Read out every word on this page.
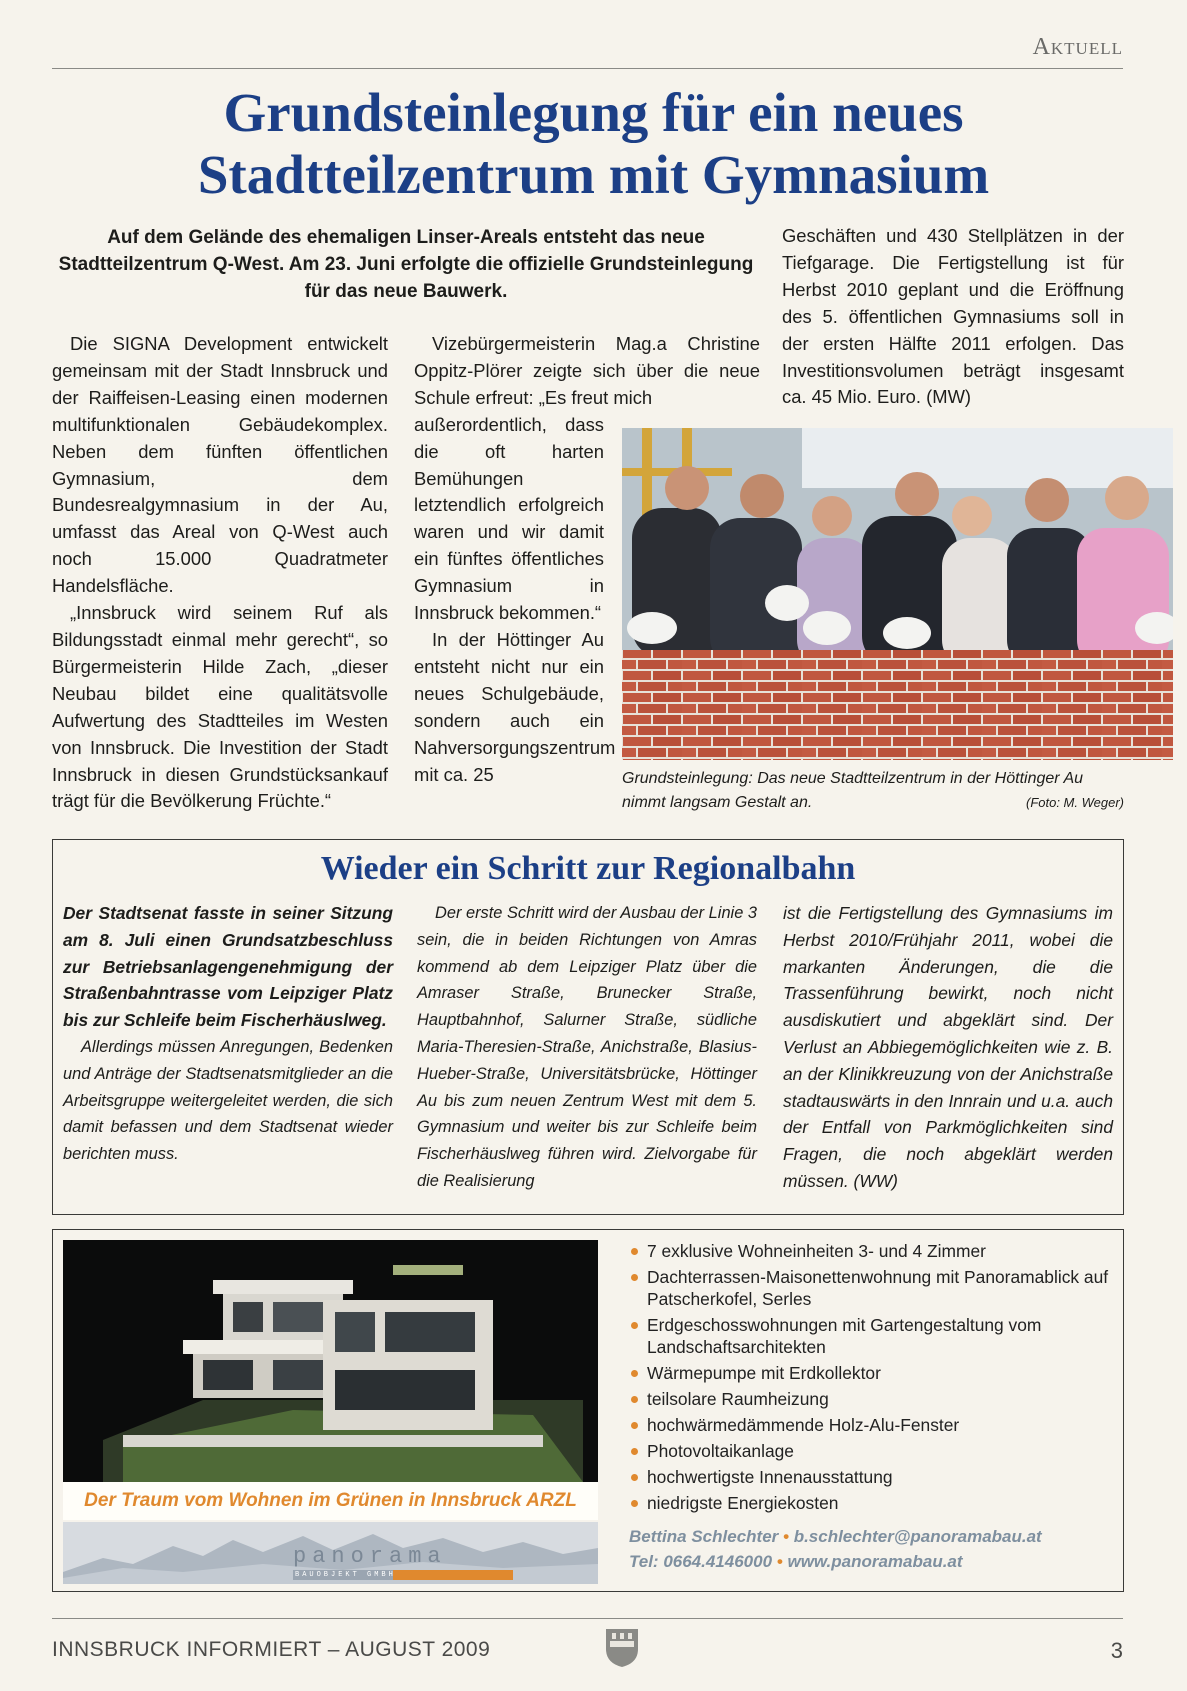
Aktuell
Grundsteinlegung für ein neues
Stadtteilzentrum mit Gymnasium
Auf dem Gelände des ehemaligen Linser-Areals entsteht das neue Stadtteilzentrum Q-West. Am 23. Juni erfolgte die offizielle Grundsteinlegung für das neue Bauwerk.

Die SIGNA Development entwickelt gemeinsam mit der Stadt Innsbruck und der Raiffeisen-Leasing einen modernen multifunktionalen Gebäudekomplex. Neben dem fünften öffentlichen Gymnasium, dem Bundesrealgymnasium in der Au, umfasst das Areal von Q-West auch noch 15.000 Quadratmeter Handelsfläche.

„Innsbruck wird seinem Ruf als Bildungsstadt einmal mehr gerecht“, so Bürgermeisterin Hilde Zach, „dieser Neubau bildet eine qualitätsvolle Aufwertung des Stadtteiles im Westen von Innsbruck. Die Investition der Stadt Innsbruck in diesen Grundstücksankauf trägt für die Bevölkerung Früchte.“

Vizebürgermeisterin Mag.a Christine Oppitz-Plörer zeigte sich über die neue Schule erfreut: „Es freut mich

außerordentlich, dass die oft harten Bemühungen letztendlich erfolgreich waren und wir damit ein fünftes öffentliches Gymnasium in Innsbruck bekommen.“

In der Höttinger Au entsteht nicht nur ein neues Schulgebäude, sondern auch ein Nahversorgungszentrum mit ca. 25

Geschäften und 430 Stellplätzen in der Tiefgarage. Die Fertigstellung ist für Herbst 2010 geplant und die Eröffnung des 5. öffentlichen Gymnasiums soll in der ersten Hälfte 2011 erfolgen. Das Investitionsvolumen beträgt insgesamt ca. 45 Mio. Euro. (MW)

Grundsteinlegung: Das neue Stadtteilzentrum in der Höttinger Au nimmt langsam Gestalt an.	(Foto: M. Weger)
Wieder ein Schritt zur Regionalbahn

Der Stadtsenat fasste in seiner Sitzung am 8. Juli einen Grundsatzbeschluss zur Betriebsanlagengenehmigung der Straßenbahntrasse vom Leipziger Platz bis zur Schleife beim Fischerhäuslweg.

Allerdings müssen Anregungen, Bedenken und Anträge der Stadtsenatsmitglieder an die Arbeitsgruppe weitergeleitet werden, die sich damit befassen und dem Stadtsenat wieder berichten muss.

Der erste Schritt wird der Ausbau der Linie 3 sein, die in beiden Richtungen von Amras kommend ab dem Leipziger Platz über die Amraser Straße, Brunecker Straße, Hauptbahnhof, Salurner Straße, südliche Maria-Theresien-Straße, Anichstraße, Blasius-Hueber-Straße, Universitätsbrücke, Höttinger Au bis zum neuen Zentrum West mit dem 5. Gymnasium und weiter bis zur Schleife beim Fischerhäuslweg führen wird. Zielvorgabe für die Realisierung

ist die Fertigstellung des Gymnasiums im Herbst 2010/Frühjahr 2011, wobei die markanten Änderungen, die die Trassenführung bewirkt, noch nicht ausdiskutiert und abgeklärt sind. Der Verlust an Abbiegemöglichkeiten wie z. B. an der Klinikkreuzung von der Anichstraße stadtauswärts in den Innrain und u.a. auch der Entfall von Parkmöglichkeiten sind Fragen, die noch abgeklärt werden müssen. (WW)

Der Traum vom Wohnen im Grünen in Innsbruck ARZL
panorama
BAUOBJEKT GMBH
7 exklusive Wohneinheiten 3- und 4 Zimmer
Dachterrassen-Maisonettenwohnung mit Panoramablick auf Patscherkofel, Serles
Erdgeschosswohnungen mit Gartengestaltung vom Landschaftsarchitekten
Wärmepumpe mit Erdkollektor
teilsolare Raumheizung
hochwärmedämmende Holz-Alu-Fenster
Photovoltaikanlage
hochwertigste Innenausstattung
niedrigste Energiekosten
Bettina Schlechter • b.schlechter@panoramabau.at
Tel: 0664.4146000 • www.panoramabau.at
INNSBRUCK INFORMIERT – AUGUST 2009	3
